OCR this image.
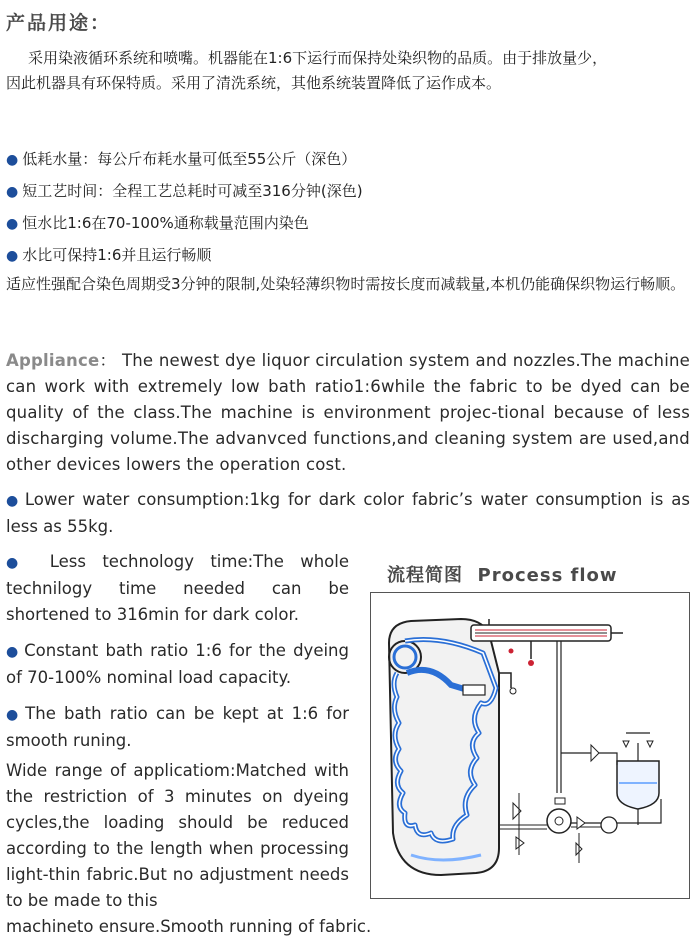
产品用途：
采用染液循环系统和喷嘴。机器能在1:6下运行而保持处染织物的品质。由于排放量少，
因此机器具有环保特质。采用了清洗系统，其他系统装置降低了运作成本。
● 低耗水量：每公斤布耗水量可低至55公斤（深色）
● 短工艺时间：全程工艺总耗时可减至316分钟(深色)
● 恒水比1:6在70-100%通称载量范围内染色
● 水比可保持1:6并且运行畅顺
适应性强配合染色周期受3分钟的限制,处染轻薄织物时需按长度而减载量,本机仍能确保织物运行畅顺。
Appliance： The newest dye liquor circulation system and nozzles.The machine can work with extremely low bath ratio1:6while the fabric to be dyed can be quality of the class.The machine is environment projec-tional because of less discharging volume.The advanvced functions,and cleaning system are used,and other devices lowers the operation cost.
● Lower water consumption:1kg for dark color fabric’s water consumption is as less as 55kg.

● Less technology time:The whole technilogy time needed can be shortened to 316min for dark color.

● Constant bath ratio 1:6 for the dyeing of 70-100% nominal load capacity.

● The bath ratio can be kept at 1:6 for smooth runing.

Wide range of applicatiom:Matched with the restriction of 3 minutes on dyeing cycles,the loading should be reduced according to the length when processing light-thin fabric.But no adjustment needs to be made to this

machineto ensure.Smooth running of fabric.

流程简图 Process flow
